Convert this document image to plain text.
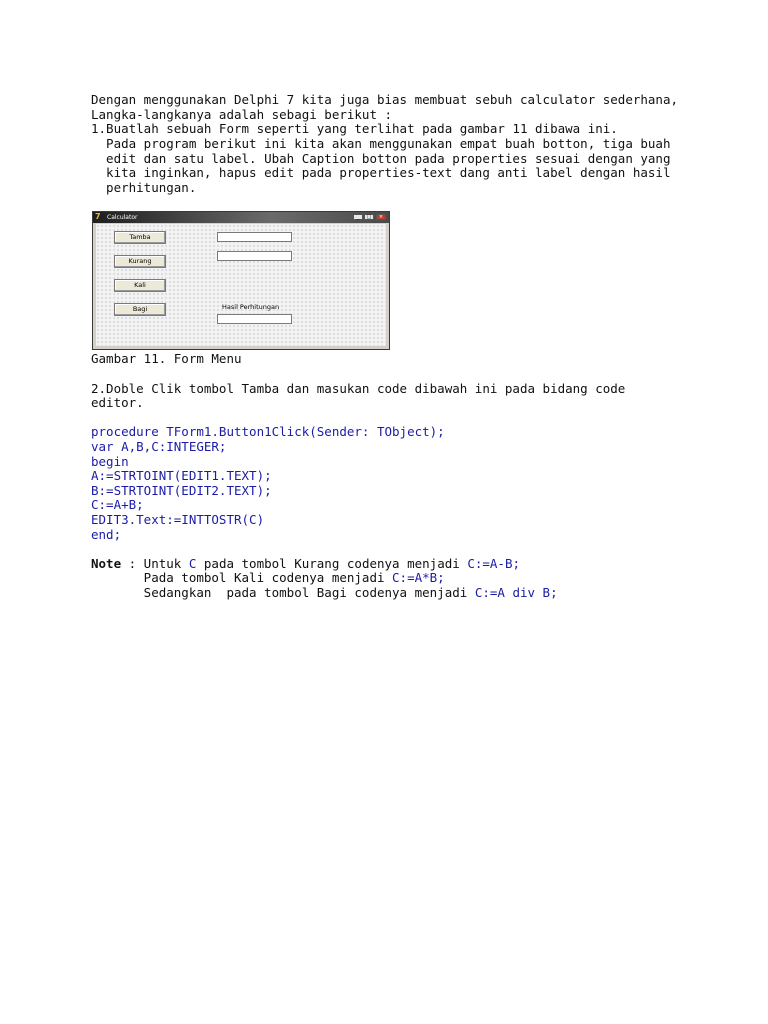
Dengan menggunakan Delphi 7 kita juga bias membuat sebuh calculator sederhana,
Langka-langkanya adalah sebagi berikut :
1.Buatlah sebuah Form seperti yang terlihat pada gambar 11 dibawa ini.
Pada program berikut ini kita akan menggunakan empat buah botton, tiga buah
edit dan satu label. Ubah Caption botton pada properties sesuai dengan yang
kita inginkan, hapus edit pada properties-text dang anti label dengan hasil
perhitungan.
7	Calculator	_	□	×
Tamba
Kurang
Kali
Bagi	Hasil Perhitungan
Gambar 11. Form Menu
2.Doble Clik tombol Tamba dan masukan code dibawah ini pada bidang code
editor.
procedure TForm1.Button1Click(Sender: TObject);
var A,B,C:INTEGER;
begin
A:=STRTOINT(EDIT1.TEXT);
B:=STRTOINT(EDIT2.TEXT);
C:=A+B;
EDIT3.Text:=INTTOSTR(C)
end;
Note : Untuk C pada tombol Kurang codenya menjadi C:=A-B;
Pada tombol Kali codenya menjadi C:=A*B;
Sedangkan  pada tombol Bagi codenya menjadi C:=A div B;
